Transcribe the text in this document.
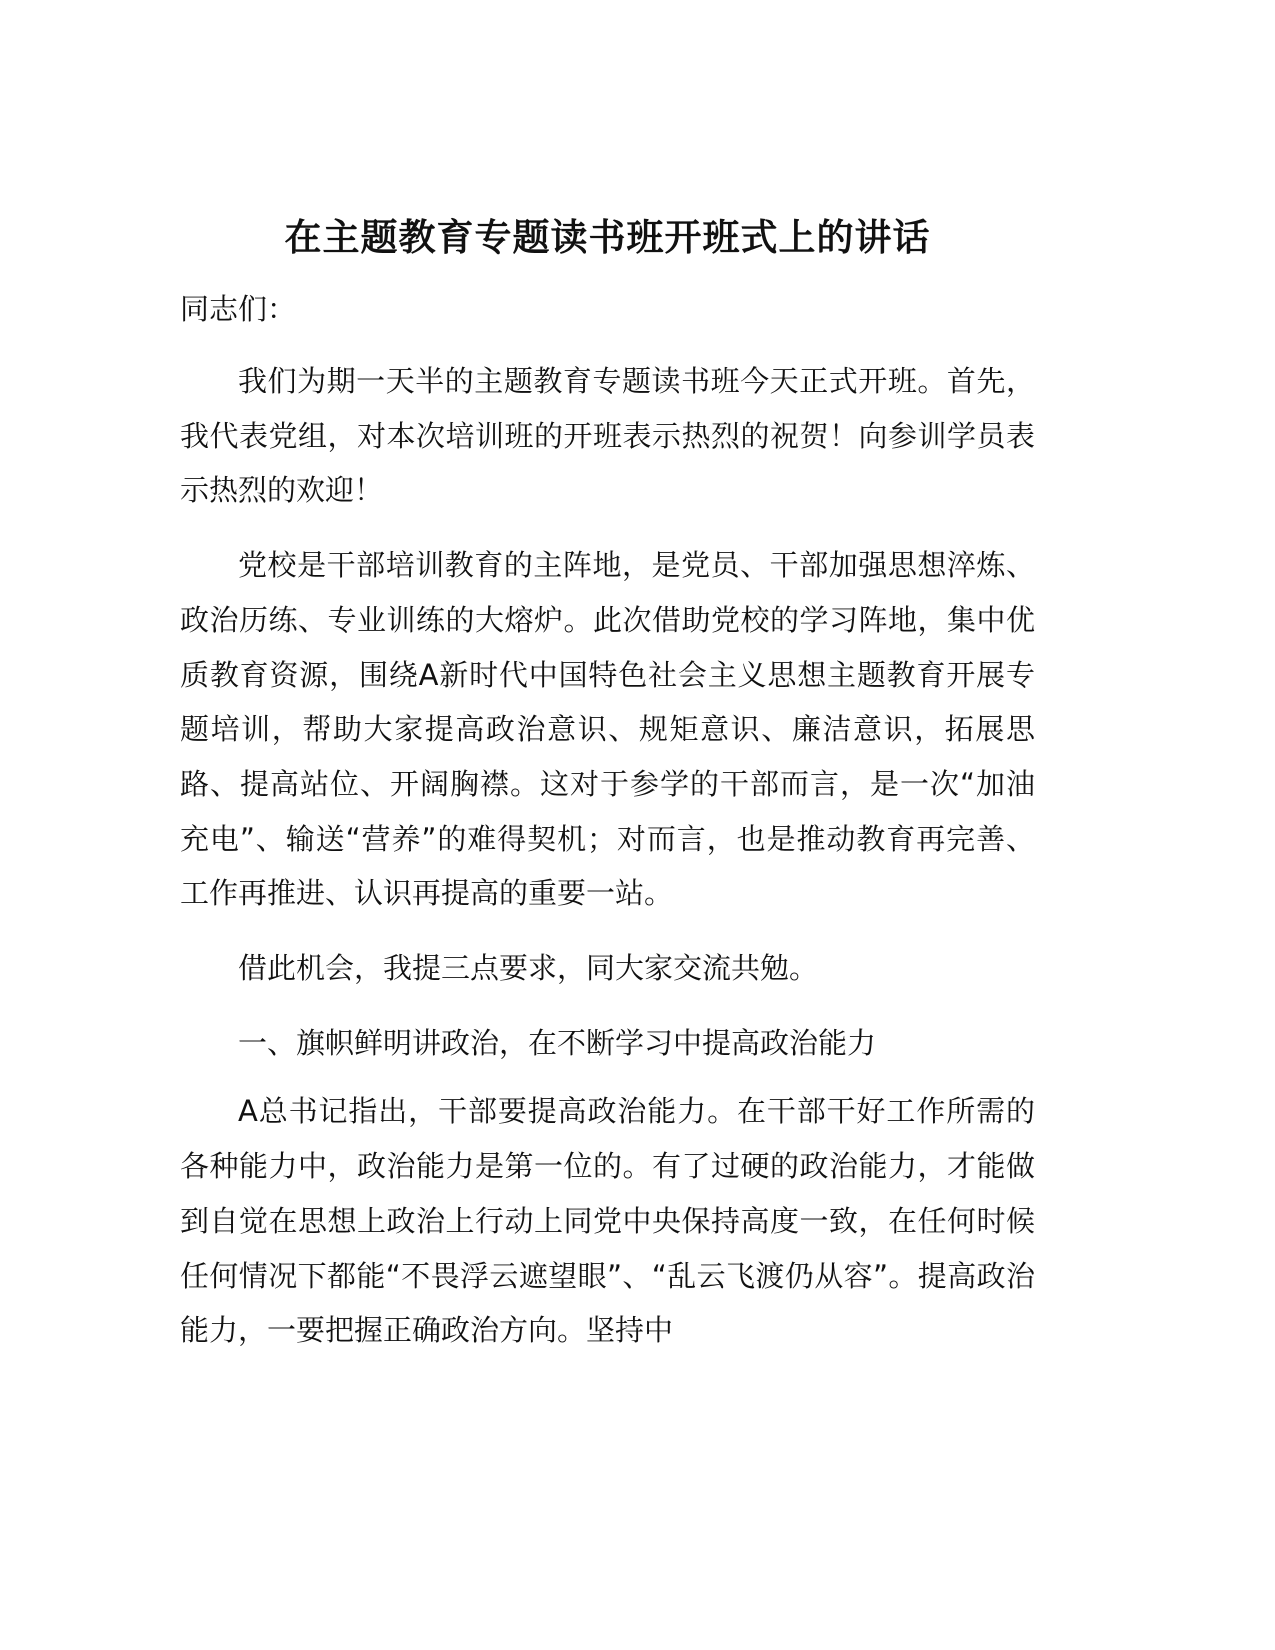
在主题教育专题读书班开班式上的讲话

同志们：

我们为期一天半的主题教育专题读书班今天正式开班。首先，我代表党组，对本次培训班的开班表示热烈的祝贺！向参训学员表示热烈的欢迎！

党校是干部培训教育的主阵地，是党员、干部加强思想淬炼、政治历练、专业训练的大熔炉。此次借助党校的学习阵地，集中优质教育资源，围绕A新时代中国特色社会主义思想主题教育开展专题培训，帮助大家提高政治意识、规矩意识、廉洁意识，拓展思路、提高站位、开阔胸襟。这对于参学的干部而言，是一次“加油充电”、输送“营养”的难得契机；对而言，也是推动教育再完善、工作再推进、认识再提高的重要一站。

借此机会，我提三点要求，同大家交流共勉。

一、旗帜鲜明讲政治，在不断学习中提高政治能力

A总书记指出，干部要提高政治能力。在干部干好工作所需的各种能力中，政治能力是第一位的。有了过硬的政治能力，才能做到自觉在思想上政治上行动上同党中央保持高度一致，在任何时候任何情况下都能“不畏浮云遮望眼”、“乱云飞渡仍从容”。提高政治能力，一要把握正确政治方向。坚持中
